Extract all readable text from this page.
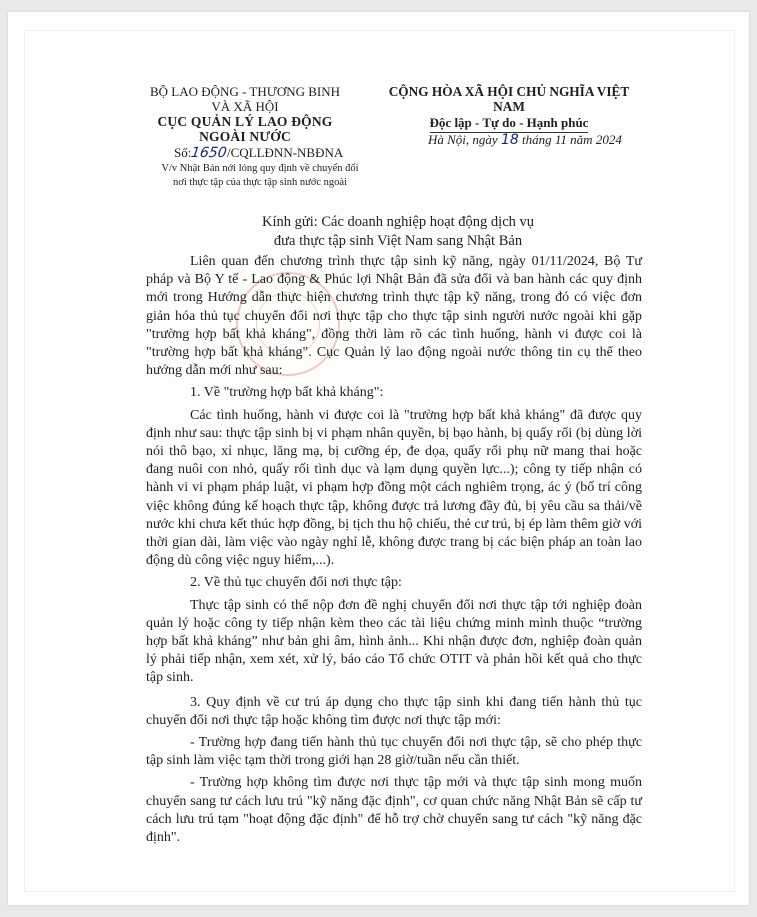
BỘ LAO ĐỘNG - THƯƠNG BINH
VÀ XÃ HỘI
CỤC QUẢN LÝ LAO ĐỘNG
NGOÀI NƯỚC
Số:1650/CQLLĐNN-NBĐNA
V/v Nhật Bản nới lỏng quy định về chuyển đổi
nơi thực tập của thực tập sinh nước ngoài
CỘNG HÒA XÃ HỘI CHỦ NGHĨA VIỆT NAM
Độc lập - Tự do - Hạnh phúc
Hà Nội, ngày 18 tháng 11 năm 2024
Kính gửi: Các doanh nghiệp hoạt động dịch vụ
đưa thực tập sinh Việt Nam sang Nhật Bản

Liên quan đến chương trình thực tập sinh kỹ năng, ngày 01/11/2024, Bộ Tư pháp và Bộ Y tế - Lao động & Phúc lợi Nhật Bản đã sửa đổi và ban hành các quy định mới trong Hướng dẫn thực hiện chương trình thực tập kỹ năng, trong đó có việc đơn giản hóa thủ tục chuyển đổi nơi thực tập cho thực tập sinh người nước ngoài khi gặp "trường hợp bất khả kháng", đồng thời làm rõ các tình huống, hành vi được coi là "trường hợp bất khả kháng". Cục Quản lý lao động ngoài nước thông tin cụ thể theo hướng dẫn mới như sau:

1. Về "trường hợp bất khả kháng":

Các tình huống, hành vi được coi là "trường hợp bất khả kháng" đã được quy định như sau: thực tập sinh bị vi phạm nhân quyền, bị bạo hành, bị quấy rối (bị dùng lời nói thô bạo, xỉ nhục, lăng mạ, bị cưỡng ép, đe dọa, quấy rối phụ nữ mang thai hoặc đang nuôi con nhỏ, quấy rối tình dục và lạm dụng quyền lực...); công ty tiếp nhận có hành vi vi phạm pháp luật, vi phạm hợp đồng một cách nghiêm trọng, ác ý (bố trí công việc không đúng kế hoạch thực tập, không được trả lương đầy đủ, bị yêu cầu sa thải/về nước khi chưa kết thúc hợp đồng, bị tịch thu hộ chiếu, thẻ cư trú, bị ép làm thêm giờ với thời gian dài, làm việc vào ngày nghỉ lễ, không được trang bị các biện pháp an toàn lao động dù công việc nguy hiểm,...).

2. Về thủ tục chuyển đổi nơi thực tập:

Thực tập sinh có thể nộp đơn đề nghị chuyển đổi nơi thực tập tới nghiệp đoàn quản lý hoặc công ty tiếp nhận kèm theo các tài liệu chứng minh mình thuộc “trường hợp bất khả kháng” như bản ghi âm, hình ảnh... Khi nhận được đơn, nghiệp đoàn quản lý phải tiếp nhận, xem xét, xử lý, báo cáo Tổ chức OTIT và phản hồi kết quả cho thực tập sinh.

3. Quy định về cư trú áp dụng cho thực tập sinh khi đang tiến hành thủ tục chuyển đổi nơi thực tập hoặc không tìm được nơi thực tập mới:

- Trường hợp đang tiến hành thủ tục chuyển đổi nơi thực tập, sẽ cho phép thực tập sinh làm việc tạm thời trong giới hạn 28 giờ/tuần nếu cần thiết.

- Trường hợp không tìm được nơi thực tập mới và thực tập sinh mong muốn chuyển sang tư cách lưu trú "kỹ năng đặc định", cơ quan chức năng Nhật Bản sẽ cấp tư cách lưu trú tạm "hoạt động đặc định" để hỗ trợ chờ chuyển sang tư cách "kỹ năng đặc định".
